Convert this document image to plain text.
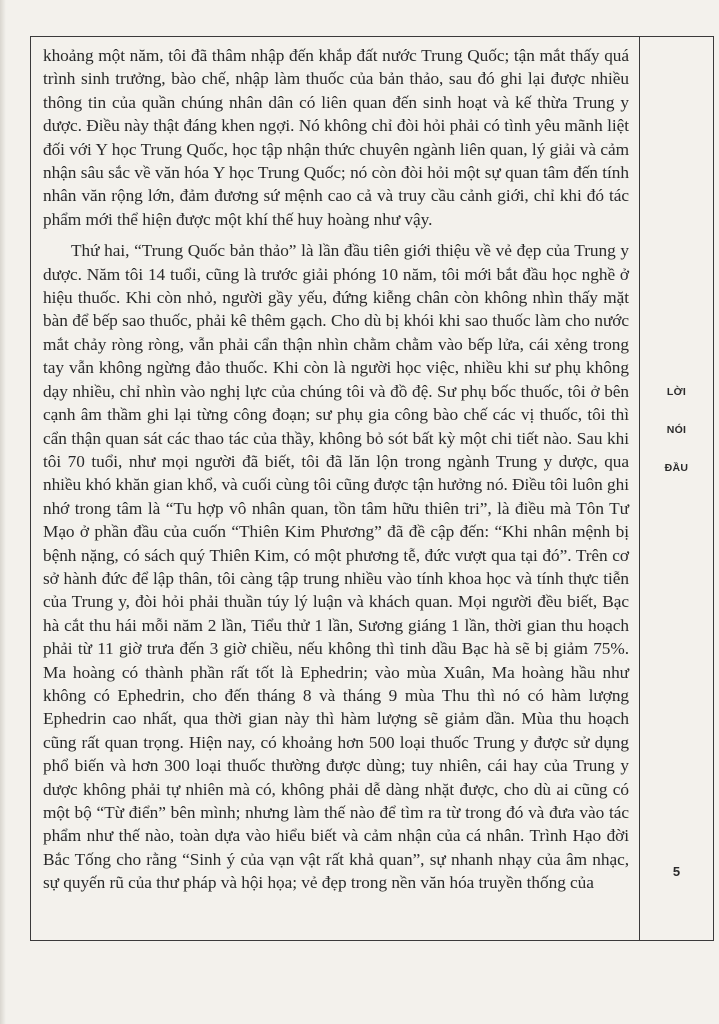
khoảng một năm, tôi đã thâm nhập đến khắp đất nước Trung Quốc; tận mắt thấy quá trình sinh trưởng, bào chế, nhập làm thuốc của bản thảo, sau đó ghi lại được nhiều thông tin của quần chúng nhân dân có liên quan đến sinh hoạt và kế thừa Trung y dược. Điều này thật đáng khen ngợi. Nó không chỉ đòi hỏi phải có tình yêu mãnh liệt đối với Y học Trung Quốc, học tập nhận thức chuyên ngành liên quan, lý giải và cảm nhận sâu sắc về văn hóa Y học Trung Quốc; nó còn đòi hỏi một sự quan tâm đến tính nhân văn rộng lớn, đảm đương sứ mệnh cao cả và truy cầu cảnh giới, chỉ khi đó tác phẩm mới thể hiện được một khí thế huy hoàng như vậy.

Thứ hai, “Trung Quốc bản thảo” là lần đầu tiên giới thiệu về vẻ đẹp của Trung y dược. Năm tôi 14 tuổi, cũng là trước giải phóng 10 năm, tôi mới bắt đầu học nghề ở hiệu thuốc. Khi còn nhỏ, người gầy yếu, đứng kiễng chân còn không nhìn thấy mặt bàn để bếp sao thuốc, phải kê thêm gạch. Cho dù bị khói khi sao thuốc làm cho nước mắt chảy ròng ròng, vẫn phải cẩn thận nhìn chằm chằm vào bếp lửa, cái xẻng trong tay vẫn không ngừng đảo thuốc. Khi còn là người học việc, nhiều khi sư phụ không dạy nhiều, chỉ nhìn vào nghị lực của chúng tôi và đồ đệ. Sư phụ bốc thuốc, tôi ở bên cạnh âm thầm ghi lại từng công đoạn; sư phụ gia công bào chế các vị thuốc, tôi thì cẩn thận quan sát các thao tác của thầy, không bỏ sót bất kỳ một chi tiết nào. Sau khi tôi 70 tuổi, như mọi người đã biết, tôi đã lăn lộn trong ngành Trung y dược, qua nhiều khó khăn gian khổ, và cuối cùng tôi cũng được tận hưởng nó. Điều tôi luôn ghi nhớ trong tâm là “Tu hợp vô nhân quan, tồn tâm hữu thiên tri”, là điều mà Tôn Tư Mạo ở phần đầu của cuốn “Thiên Kim Phương” đã đề cập đến: “Khi nhân mệnh bị bệnh nặng, có sách quý Thiên Kim, có một phương tễ, đức vượt qua tại đó”. Trên cơ sở hành đức để lập thân, tôi càng tập trung nhiều vào tính khoa học và tính thực tiễn của Trung y, đòi hỏi phải thuần túy lý luận và khách quan. Mọi người đều biết, Bạc hà cắt thu hái mỗi năm 2 lần, Tiểu thử 1 lần, Sương giáng 1 lần, thời gian thu hoạch phải từ 11 giờ trưa đến 3 giờ chiều, nếu không thì tinh dầu Bạc hà sẽ bị giảm 75%. Ma hoàng có thành phần rất tốt là Ephedrin; vào mùa Xuân, Ma hoàng hầu như không có Ephedrin, cho đến tháng 8 và tháng 9 mùa Thu thì nó có hàm lượng Ephedrin cao nhất, qua thời gian này thì hàm lượng sẽ giảm dần. Mùa thu hoạch cũng rất quan trọng. Hiện nay, có khoảng hơn 500 loại thuốc Trung y được sử dụng phổ biến và hơn 300 loại thuốc thường được dùng; tuy nhiên, cái hay của Trung y dược không phải tự nhiên mà có, không phải dễ dàng nhặt được, cho dù ai cũng có một bộ “Từ điển” bên mình; nhưng làm thế nào để tìm ra từ trong đó và đưa vào tác phẩm như thế nào, toàn dựa vào hiểu biết và cảm nhận của cá nhân. Trình Hạo đời Bắc Tống cho rằng “Sinh ý của vạn vật rất khả quan”, sự nhanh nhạy của âm nhạc, sự quyến rũ của thư pháp và hội họa; vẻ đẹp trong nền văn hóa truyền thống của

LỜI
NÓI
ĐẦU
5
